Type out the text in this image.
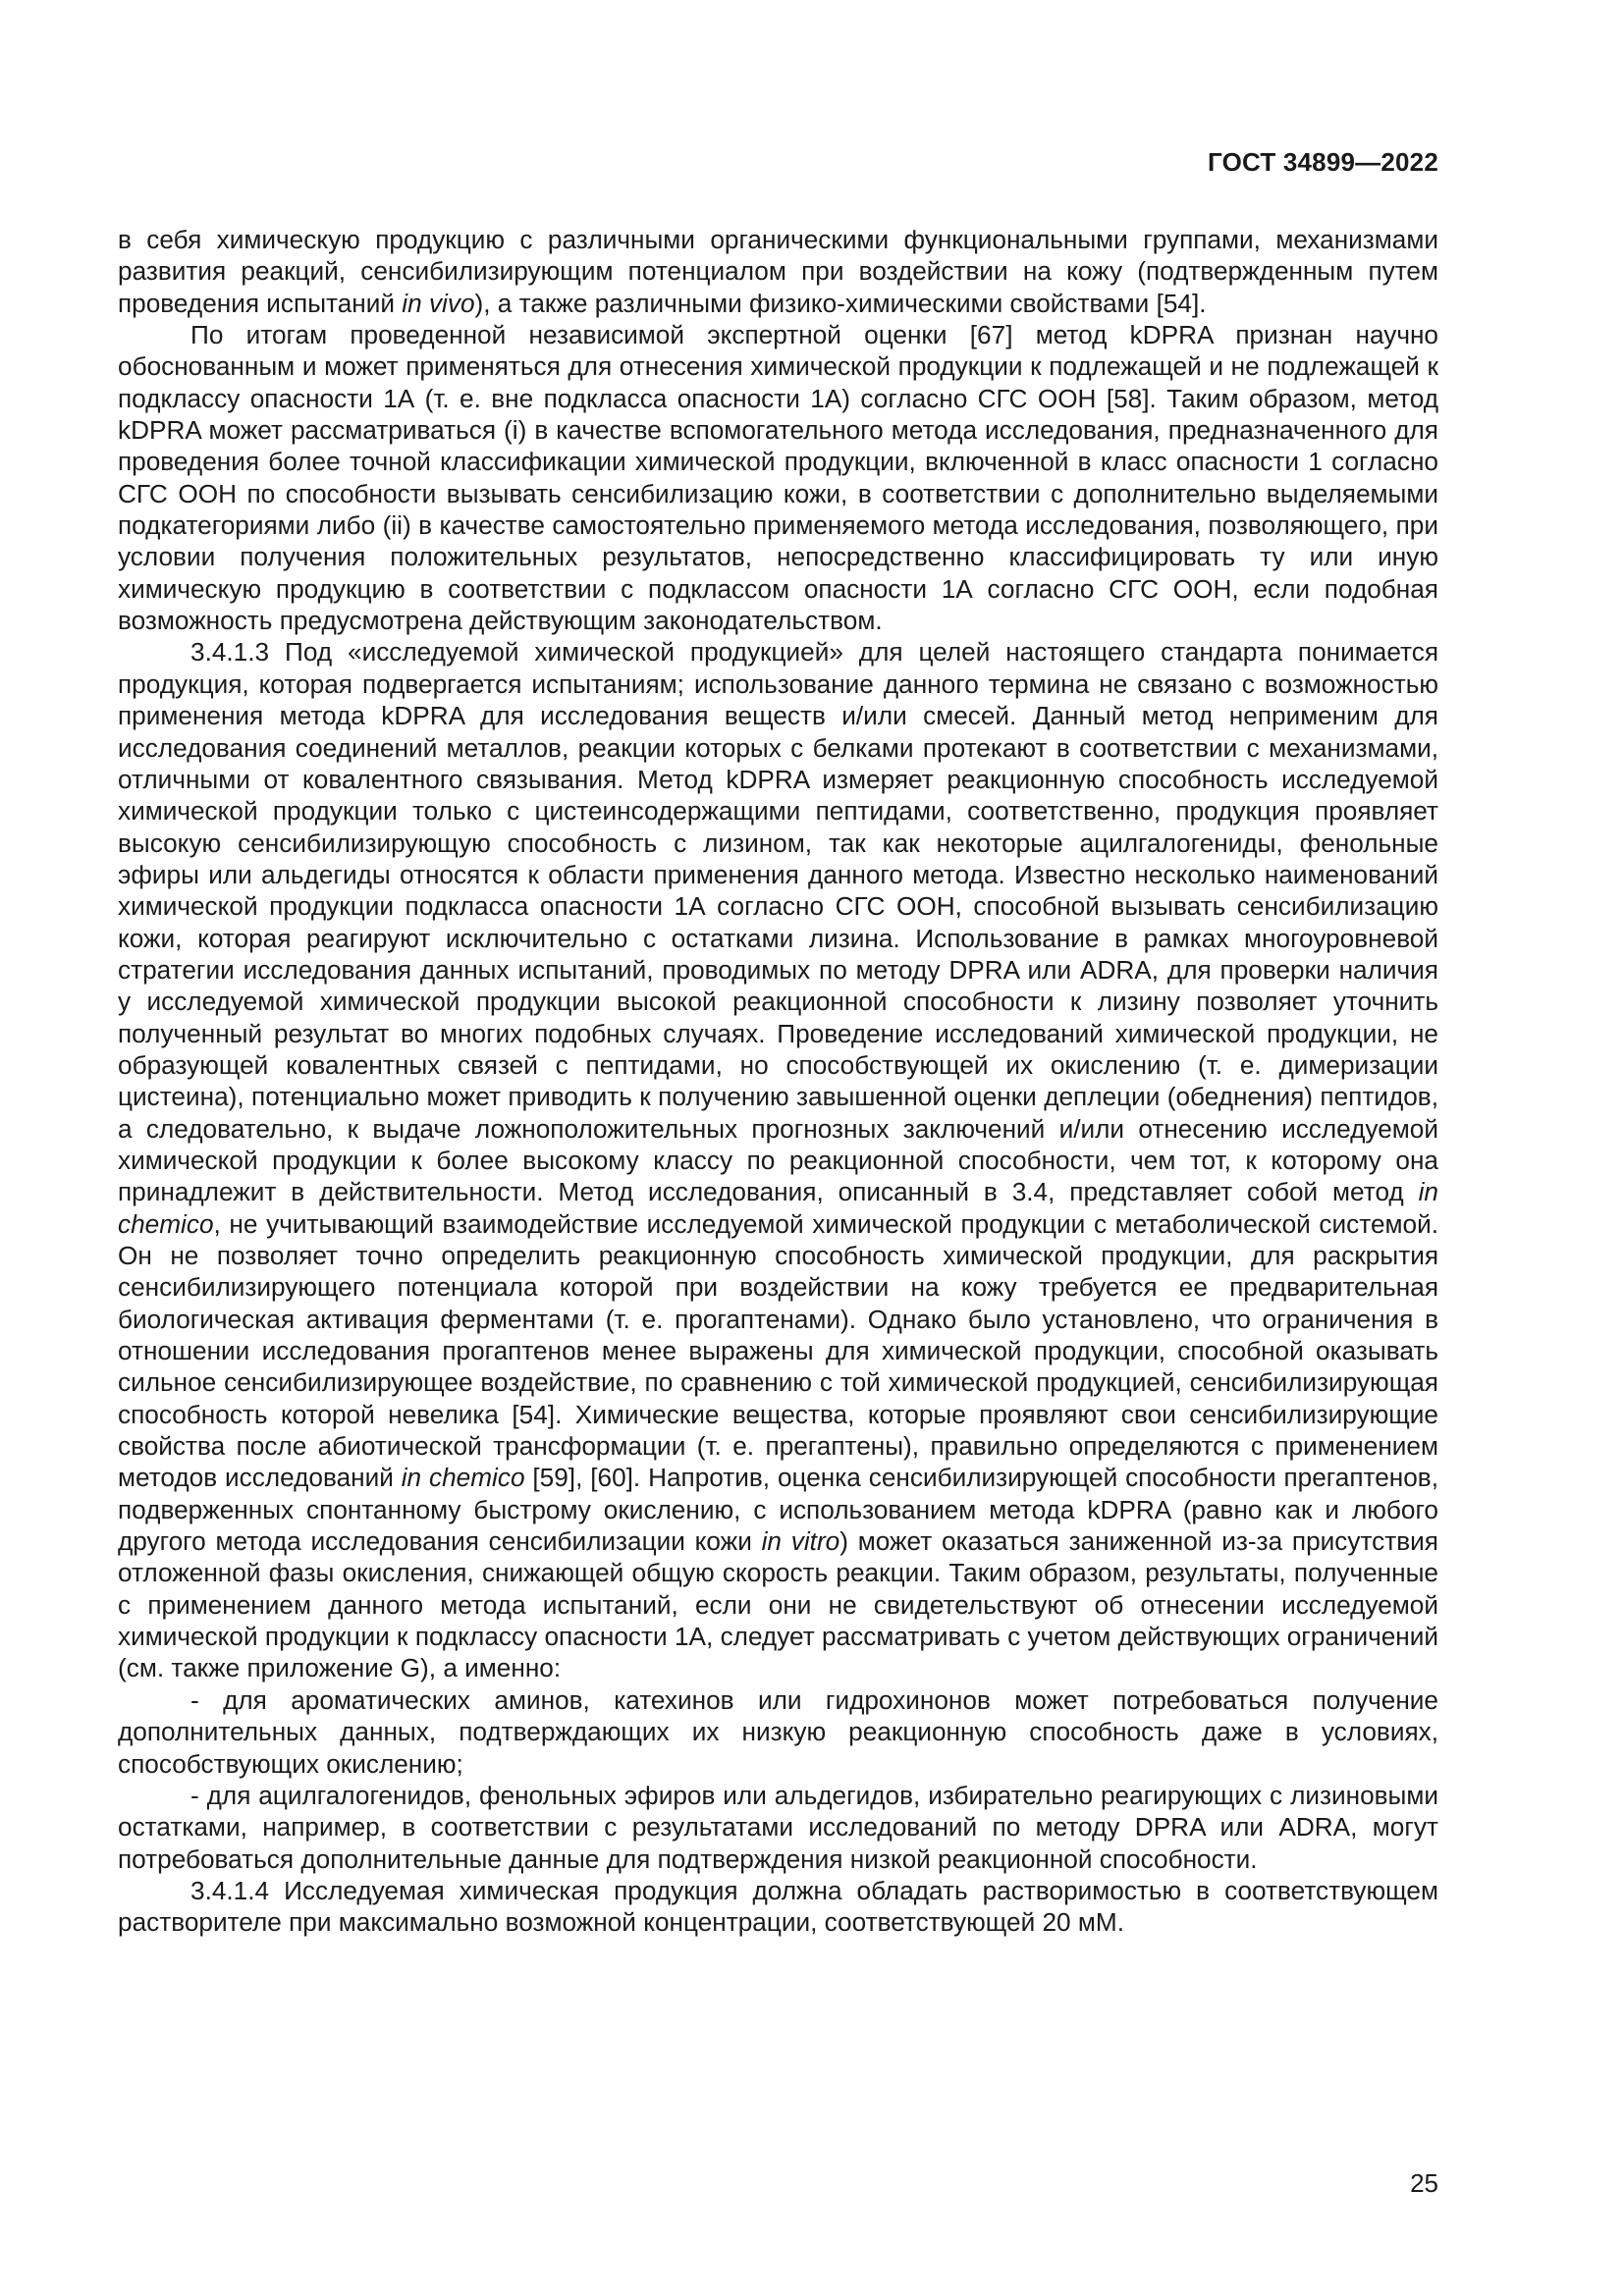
ГОСТ 34899—2022

в себя химическую продукцию с различными органическими функциональными группами, механизмами развития реакций, сенсибилизирующим потенциалом при воздействии на кожу (подтвержденным путем проведения испытаний in vivo), а также различными физико-химическими свойствами [54].

По итогам проведенной независимой экспертной оценки [67] метод kDPRA признан научно обоснованным и может применяться для отнесения химической продукции к подлежащей и не подлежащей к подклассу опасности 1А (т. е. вне подкласса опасности 1А) согласно СГС ООН [58]. Таким образом, метод kDPRA может рассматриваться (i) в качестве вспомогательного метода исследования, предназначенного для проведения более точной классификации химической продукции, включенной в класс опасности 1 согласно СГС ООН по способности вызывать сенсибилизацию кожи, в соответствии с дополнительно выделяемыми подкатегориями либо (ii) в качестве самостоятельно применяемого метода исследования, позволяющего, при условии получения положительных результатов, непосредственно классифицировать ту или иную химическую продукцию в соответствии с подклассом опасности 1А согласно СГС ООН, если подобная возможность предусмотрена действующим законодательством.

3.4.1.3 Под «исследуемой химической продукцией» для целей настоящего стандарта понимается продукция, которая подвергается испытаниям; использование данного термина не связано с возможностью применения метода kDPRA для исследования веществ и/или смесей. Данный метод неприменим для исследования соединений металлов, реакции которых с белками протекают в соответствии с механизмами, отличными от ковалентного связывания. Метод kDPRA измеряет реакционную способность исследуемой химической продукции только с цистеинсодержащими пептидами, соответственно, продукция проявляет высокую сенсибилизирующую способность с лизином, так как некоторые ацилгалогениды, фенольные эфиры или альдегиды относятся к области применения данного метода. Известно несколько наименований химической продукции подкласса опасности 1А согласно СГС ООН, способной вызывать сенсибилизацию кожи, которая реагируют исключительно с остатками лизина. Использование в рамках многоуровневой стратегии исследования данных испытаний, проводимых по методу DPRA или ADRA, для проверки наличия у исследуемой химической продукции высокой реакционной способности к лизину позволяет уточнить полученный результат во многих подобных случаях. Проведение исследований химической продукции, не образующей ковалентных связей с пептидами, но способствующей их окислению (т. е. димеризации цистеина), потенциально может приводить к получению завышенной оценки деплеции (обеднения) пептидов, а следовательно, к выдаче ложноположительных прогнозных заключений и/или отнесению исследуемой химической продукции к более высокому классу по реакционной способности, чем тот, к которому она принадлежит в действительности. Метод исследования, описанный в 3.4, представляет собой метод in chemico, не учитывающий взаимодействие исследуемой химической продукции с метаболической системой. Он не позволяет точно определить реакционную способность химической продукции, для раскрытия сенсибилизирующего потенциала которой при воздействии на кожу требуется ее предварительная биологическая активация ферментами (т. е. прогаптенами). Однако было установлено, что ограничения в отношении исследования прогаптенов менее выражены для химической продукции, способной оказывать сильное сенсибилизирующее воздействие, по сравнению с той химической продукцией, сенсибилизирующая способность которой невелика [54]. Химические вещества, которые проявляют свои сенсибилизирующие свойства после абиотической трансформации (т. е. прегаптены), правильно определяются с применением методов исследований in chemico [59], [60]. Напротив, оценка сенсибилизирующей способности прегаптенов, подверженных спонтанному быстрому окислению, с использованием метода kDPRA (равно как и любого другого метода исследования сенсибилизации кожи in vitro) может оказаться заниженной из-за присутствия отложенной фазы окисления, снижающей общую скорость реакции. Таким образом, результаты, полученные с применением данного метода испытаний, если они не свидетельствуют об отнесении исследуемой химической продукции к подклассу опасности 1А, следует рассматривать с учетом действующих ограничений (см. также приложение G), а именно:

- для ароматических аминов, катехинов или гидрохинонов может потребоваться получение дополнительных данных, подтверждающих их низкую реакционную способность даже в условиях, способствующих окислению;

- для ацилгалогенидов, фенольных эфиров или альдегидов, избирательно реагирующих с лизиновыми остатками, например, в соответствии с результатами исследований по методу DPRA или ADRA, могут потребоваться дополнительные данные для подтверждения низкой реакционной способности.

3.4.1.4 Исследуемая химическая продукция должна обладать растворимостью в соответствующем растворителе при максимально возможной концентрации, соответствующей 20 мМ.

25
